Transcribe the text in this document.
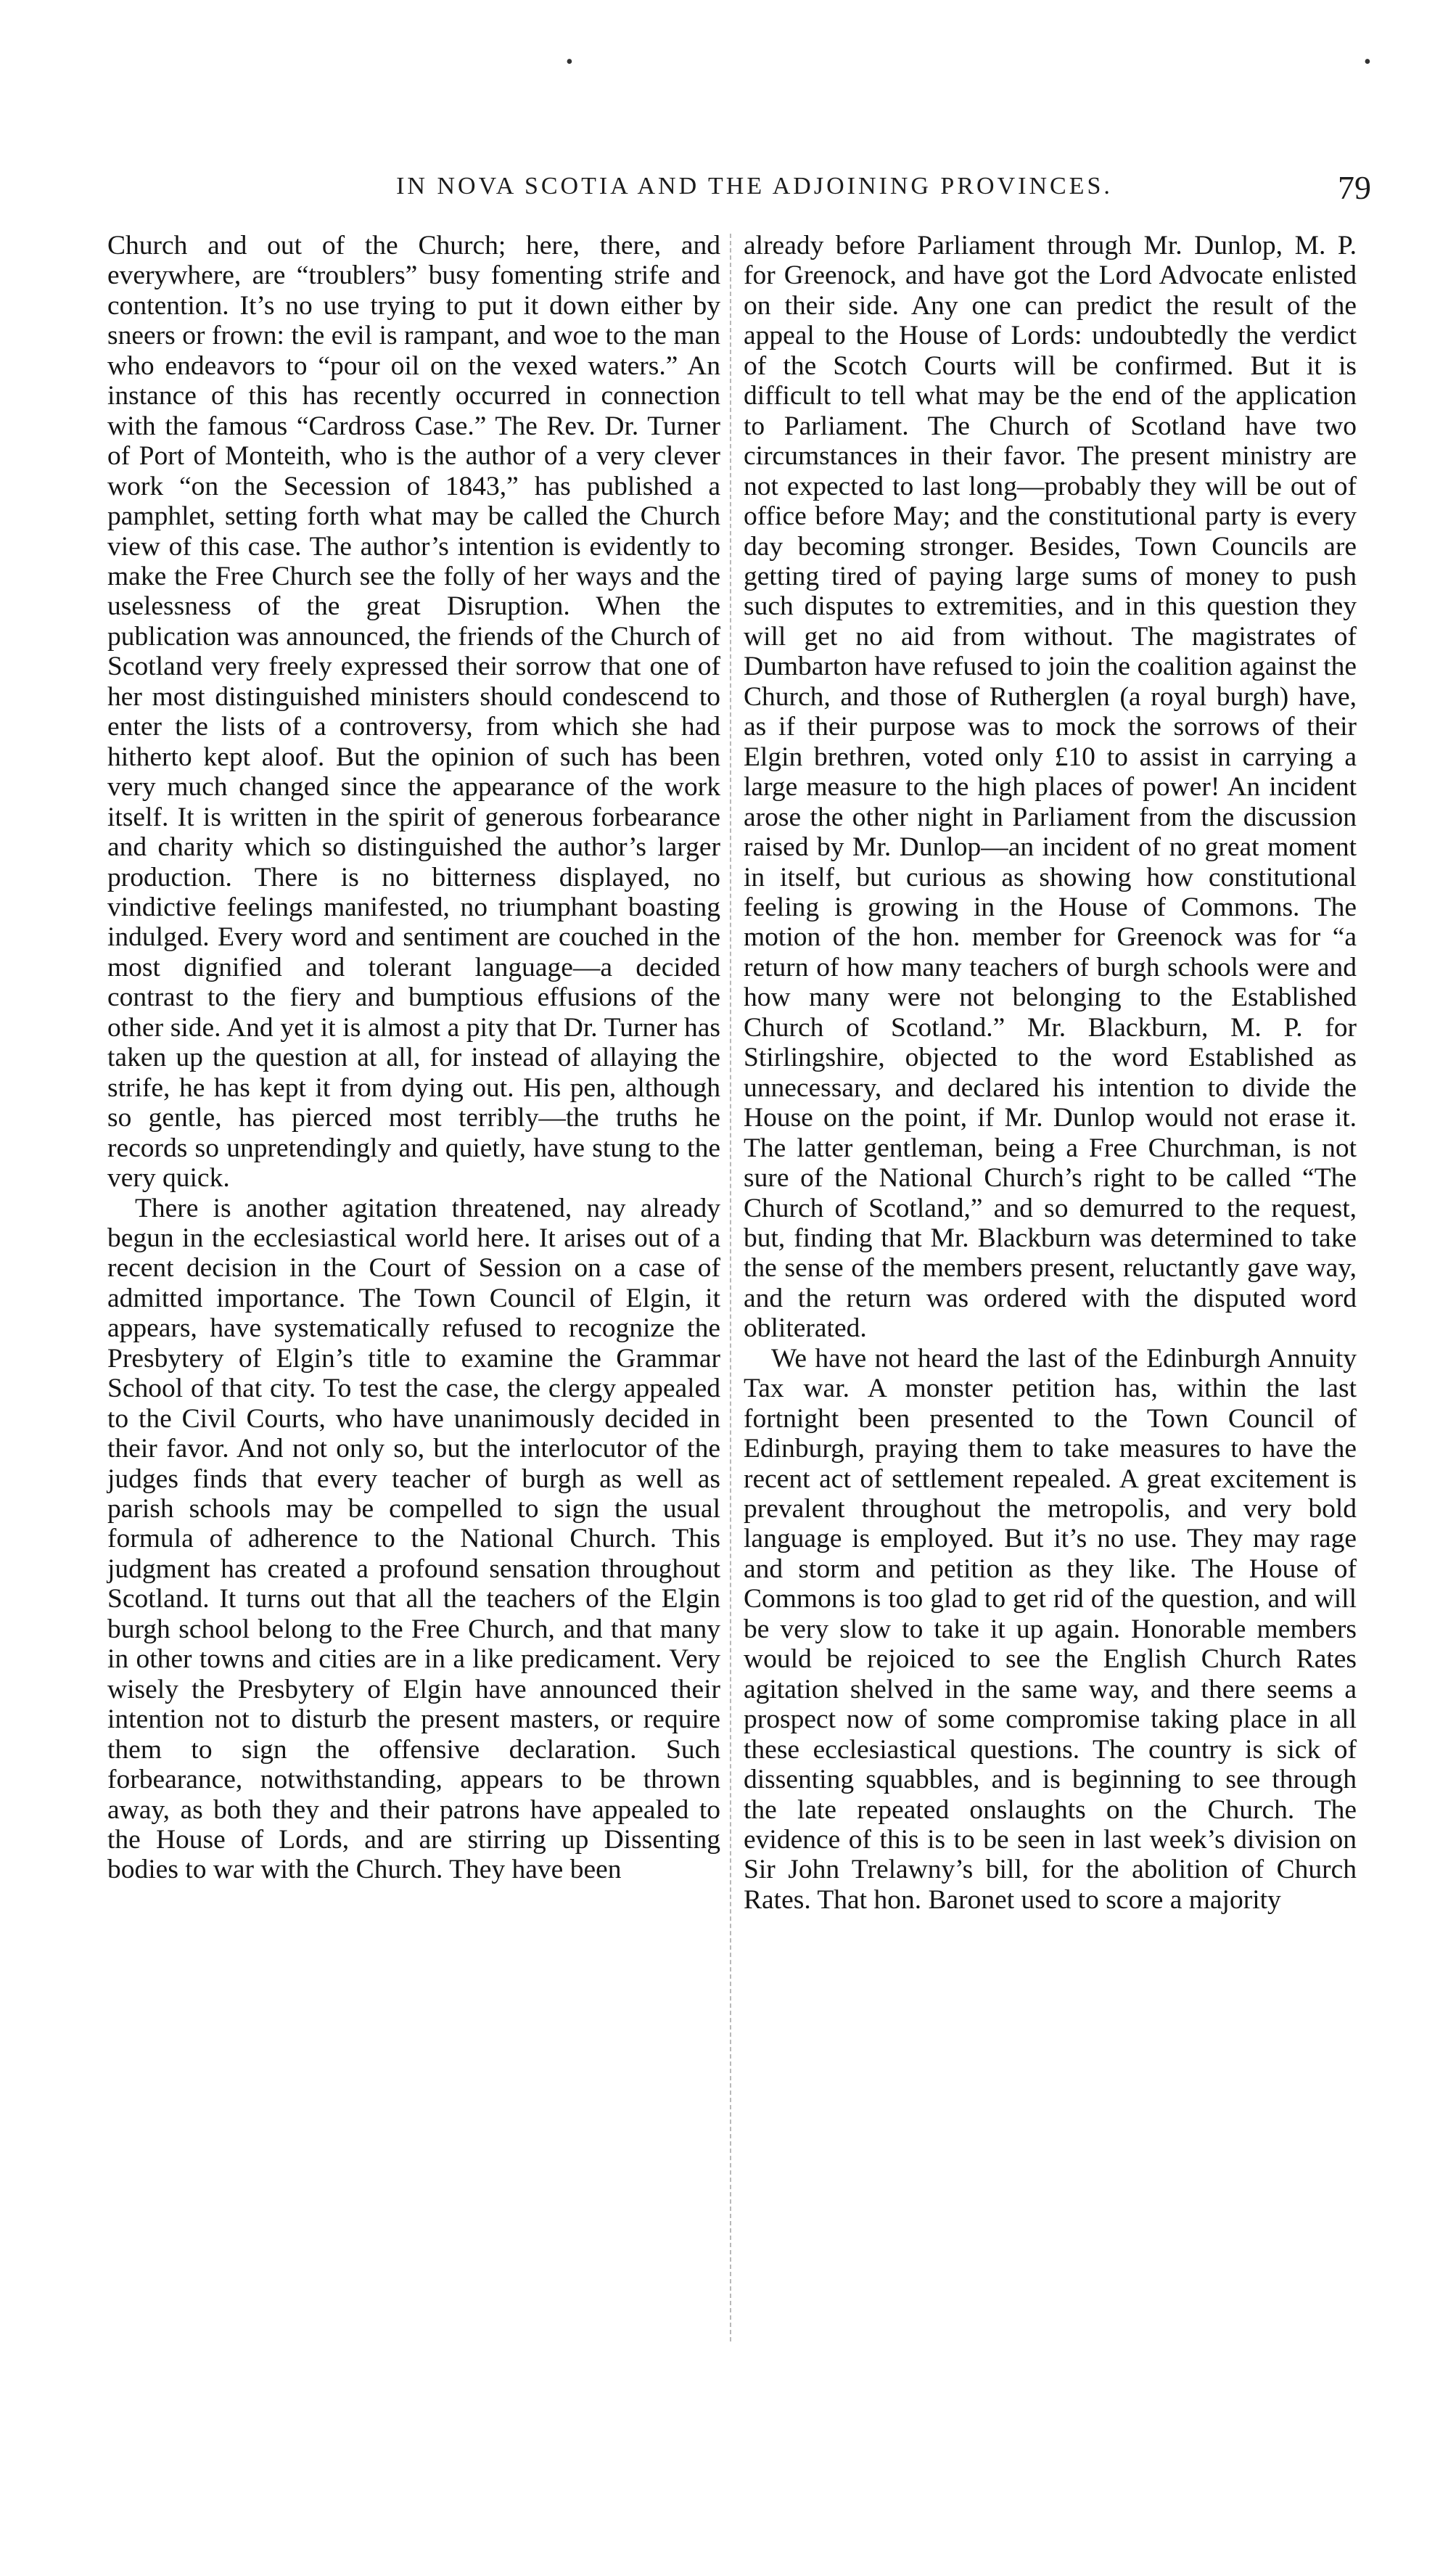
•	•
IN NOVA SCOTIA AND THE ADJOINING PROVINCES.	79

Church and out of the Church; here, there, and everywhere, are “troublers” busy fomenting strife and contention. It’s no use trying to put it down either by sneers or frown: the evil is rampant, and woe to the man who endeavors to “pour oil on the vexed waters.” An instance of this has recently occurred in connection with the famous “Cardross Case.” The Rev. Dr. Turner of Port of Monteith, who is the author of a very clever work “on the Secession of 1843,” has published a pamphlet, setting forth what may be called the Church view of this case. The author’s intention is evidently to make the Free Church see the folly of her ways and the uselessness of the great Disruption. When the publication was announced, the friends of the Church of Scotland very freely expressed their sorrow that one of her most distinguished ministers should condescend to enter the lists of a controversy, from which she had hitherto kept aloof. But the opinion of such has been very much changed since the appearance of the work itself. It is written in the spirit of generous forbearance and charity which so distinguished the author’s larger production. There is no bitterness displayed, no vindictive feelings manifested, no triumphant boasting indulged. Every word and sentiment are couched in the most dignified and tolerant language—a decided contrast to the fiery and bumptious effusions of the other side. And yet it is almost a pity that Dr. Turner has taken up the question at all, for instead of allaying the strife, he has kept it from dying out. His pen, although so gentle, has pierced most terribly—the truths he records so unpretendingly and quietly, have stung to the very quick.

There is another agitation threatened, nay already begun in the ecclesiastical world here. It arises out of a recent decision in the Court of Session on a case of admitted importance. The Town Council of Elgin, it appears, have systematically refused to recognize the Presbytery of Elgin’s title to examine the Grammar School of that city. To test the case, the clergy appealed to the Civil Courts, who have unanimously decided in their favor. And not only so, but the interlocutor of the judges finds that every teacher of burgh as well as parish schools may be compelled to sign the usual formula of adherence to the National Church. This judgment has created a profound sensation throughout Scotland. It turns out that all the teachers of the Elgin burgh school belong to the Free Church, and that many in other towns and cities are in a like predicament. Very wisely the Presbytery of Elgin have announced their intention not to disturb the present masters, or require them to sign the offensive declaration. Such forbearance, notwithstanding, appears to be thrown away, as both they and their patrons have appealed to the House of Lords, and are stirring up Dissenting bodies to war with the Church. They have been

already before Parliament through Mr. Dunlop, M. P. for Greenock, and have got the Lord Advocate enlisted on their side. Any one can predict the result of the appeal to the House of Lords: undoubtedly the verdict of the Scotch Courts will be confirmed. But it is difficult to tell what may be the end of the application to Parliament. The Church of Scotland have two circumstances in their favor. The present ministry are not expected to last long—probably they will be out of office before May; and the constitutional party is every day becoming stronger. Besides, Town Councils are getting tired of paying large sums of money to push such disputes to extremities, and in this question they will get no aid from without. The magistrates of Dumbarton have refused to join the coalition against the Church, and those of Rutherglen (a royal burgh) have, as if their purpose was to mock the sorrows of their Elgin brethren, voted only £10 to assist in carrying a large measure to the high places of power! An incident arose the other night in Parliament from the discussion raised by Mr. Dunlop—an incident of no great moment in itself, but curious as showing how constitutional feeling is growing in the House of Commons. The motion of the hon. member for Greenock was for “a return of how many teachers of burgh schools were and how many were not belonging to the Established Church of Scotland.” Mr. Blackburn, M. P. for Stirlingshire, objected to the word Established as unnecessary, and declared his intention to divide the House on the point, if Mr. Dunlop would not erase it. The latter gentleman, being a Free Churchman, is not sure of the National Church’s right to be called “The Church of Scotland,” and so demurred to the request, but, finding that Mr. Blackburn was determined to take the sense of the members present, reluctantly gave way, and the return was ordered with the disputed word obliterated.

We have not heard the last of the Edinburgh Annuity Tax war. A monster petition has, within the last fortnight been presented to the Town Council of Edinburgh, praying them to take measures to have the recent act of settlement repealed. A great excitement is prevalent throughout the metropolis, and very bold language is employed. But it’s no use. They may rage and storm and petition as they like. The House of Commons is too glad to get rid of the question, and will be very slow to take it up again. Honorable members would be rejoiced to see the English Church Rates agitation shelved in the same way, and there seems a prospect now of some compromise taking place in all these ecclesiastical questions. The country is sick of dissenting squabbles, and is beginning to see through the late repeated onslaughts on the Church. The evidence of this is to be seen in last week’s division on Sir John Trelawny’s bill, for the abolition of Church Rates. That hon. Baronet used to score a majority
